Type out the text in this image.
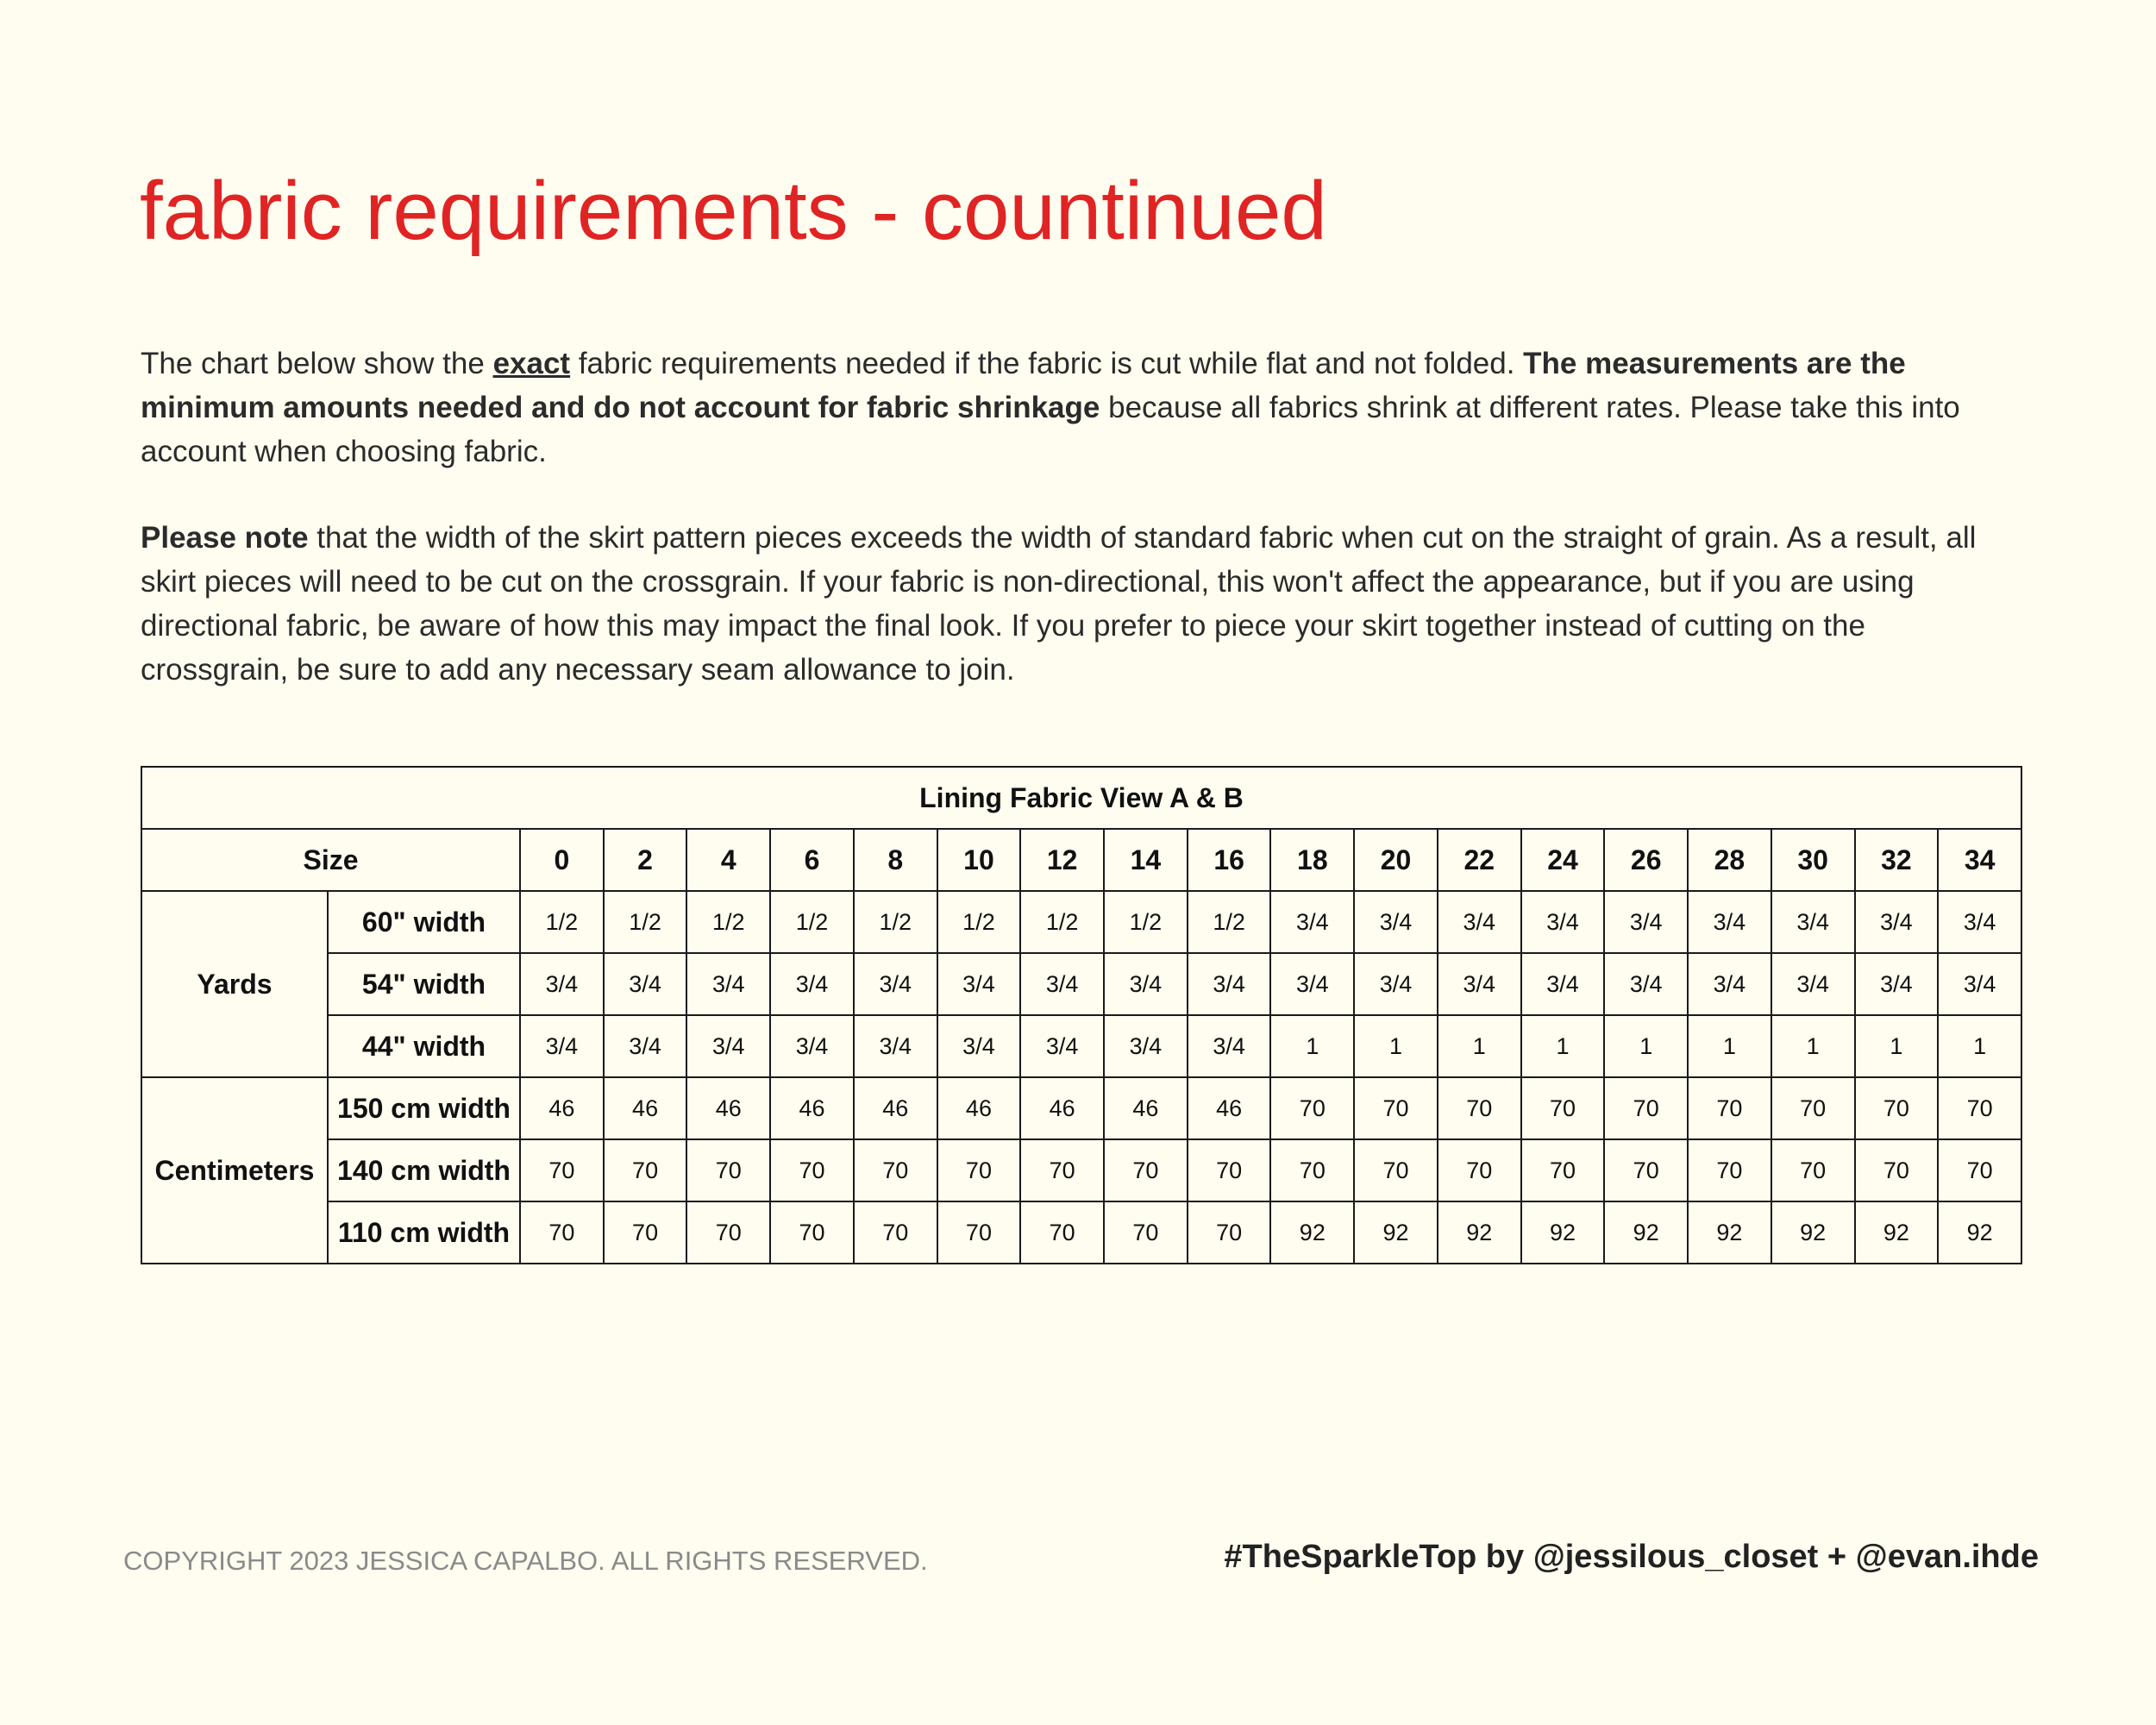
fabric requirements - countinued

The chart below show the exact fabric requirements needed if the fabric is cut while flat and not folded. The measurements are the minimum amounts needed and do not account for fabric shrinkage because all fabrics shrink at different rates. Please take this into account when choosing fabric.

Please note that the width of the skirt pattern pieces exceeds the width of standard fabric when cut on the straight of grain. As a result, all skirt pieces will need to be cut on the crossgrain. If your fabric is non-directional, this won't affect the appearance, but if you are using directional fabric, be aware of how this may impact the final look. If you prefer to piece your skirt together instead of cutting on the crossgrain, be sure to add any necessary seam allowance to join.

Lining Fabric View A & B																			
Size		0	2	4	6	8	10	12	14	16	18	20	22	24	26	28	30	32	34
Yards	60" width	1/2	1/2	1/2	1/2	1/2	1/2	1/2	1/2	1/2	3/4	3/4	3/4	3/4	3/4	3/4	3/4	3/4	3/4
	54" width	3/4	3/4	3/4	3/4	3/4	3/4	3/4	3/4	3/4	3/4	3/4	3/4	3/4	3/4	3/4	3/4	3/4	3/4
	44" width	3/4	3/4	3/4	3/4	3/4	3/4	3/4	3/4	3/4	1	1	1	1	1	1	1	1	1
Centimeters	150 cm width	46	46	46	46	46	46	46	46	46	70	70	70	70	70	70	70	70	70
	140 cm width	70	70	70	70	70	70	70	70	70	70	70	70	70	70	70	70	70	70
	110 cm width	70	70	70	70	70	70	70	70	70	92	92	92	92	92	92	92	92	92
COPYRIGHT 2023 JESSICA CAPALBO. ALL RIGHTS RESERVED.	#TheSparkleTop by @jessilous_closet + @evan.ihde
